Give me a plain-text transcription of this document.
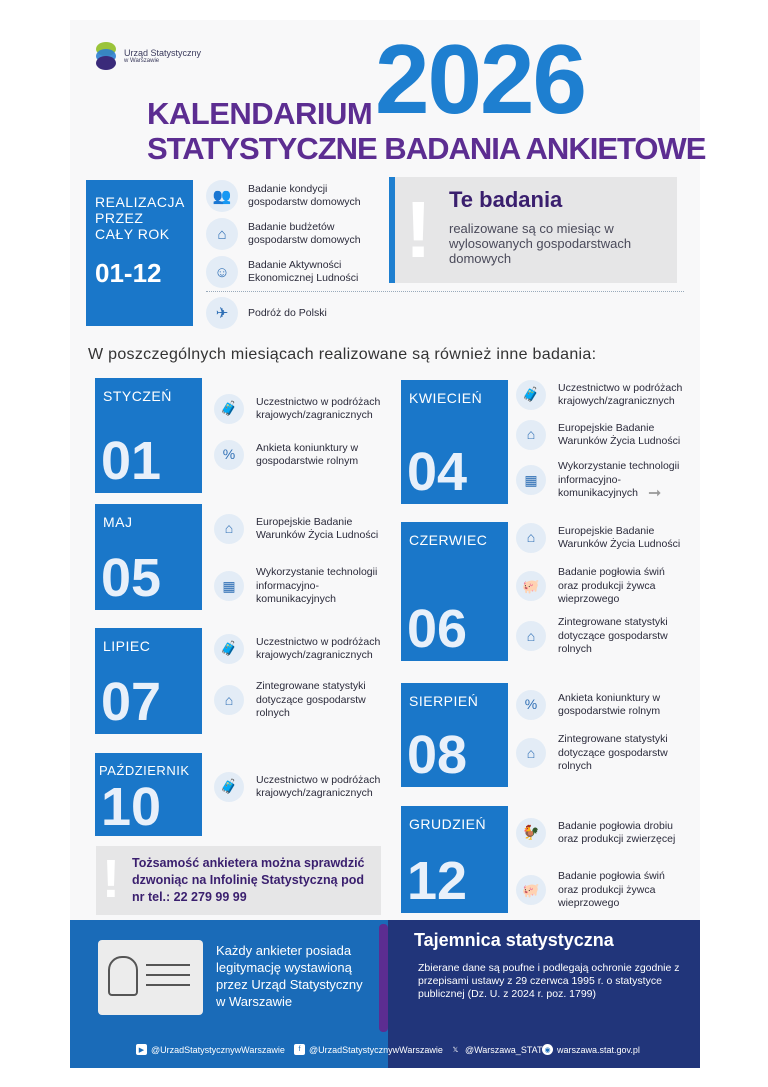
Urząd Statystyczny
w Warszawie	2026
KALENDARIUM
STATYSTYCZNE BADANIA ANKIETOWE
REALIZACJA PRZEZ CAŁY ROK
01-12
👥	Badanie kondycji gospodarstw domowych
⌂	Badanie budżetów gospodarstw domowych
☺	Badanie Aktywności Ekonomicznej Ludności
✈	Podróż do Polski
! Te badania

realizowane są co miesiąc w wylosowanych gospodarstwach domowych

W poszczególnych miesiącach realizowane są również inne badania:
STYCZEŃ
01
🧳	Uczestnictwo w podróżach krajowych/zagranicznych
%	Ankieta koniunktury w gospodarstwie rolnym
MAJ
05
⌂	Europejskie Badanie Warunków Życia Ludności
▦
Wykorzystanie technologii informacyjno-komunikacyjnych
LIPIEC
07
🧳	Uczestnictwo w podróżach krajowych/zagranicznych
⌂
Zintegrowane statystyki dotyczące gospodarstw rolnych
PAŹDZIERNIK
10	🧳	Uczestnictwo w podróżach krajowych/zagranicznych
KWIECIEŃ
04
🧳	Uczestnictwo w podróżach krajowych/zagranicznych
⌂	Europejskie Badanie Warunków Życia Ludności
▦
Wykorzystanie technologii informacyjno-komunikacyjnych ➞
CZERWIEC
06
⌂	Europejskie Badanie Warunków Życia Ludności
🐖
Badanie pogłowia świń oraz produkcji żywca wieprzowego
⌂
Zintegrowane statystyki dotyczące gospodarstw rolnych
SIERPIEŃ
08
%	Ankieta koniunktury w gospodarstwie rolnym
⌂
Zintegrowane statystyki dotyczące gospodarstw rolnych
GRUDZIEŃ
12
🐓	Badanie pogłowia drobiu oraz produkcji zwierzęcej
🐖
Badanie pogłowia świń oraz produkcji żywca wieprzowego
! Tożsamość ankietera można sprawdzić dzwoniąc na Infolinię Statystyczną pod nr tel.: 22 279 99 99

Tajemnica statystyczna

Zbierane dane są poufne i podlegają ochronie zgodnie z przepisami ustawy z 29 czerwca 1995 r. o statystyce publicznej (Dz. U. z 2024 r. poz. 1799)

Każdy ankieter posiada legitymację wystawioną przez Urząd Statystyczny w Warszawie
▶ @UrzadStatystycznywWarszawie	f @UrzadStatystycznywWarszawie	𝕏 @Warszawa_STAT ◉ warszawa.stat.gov.pl
